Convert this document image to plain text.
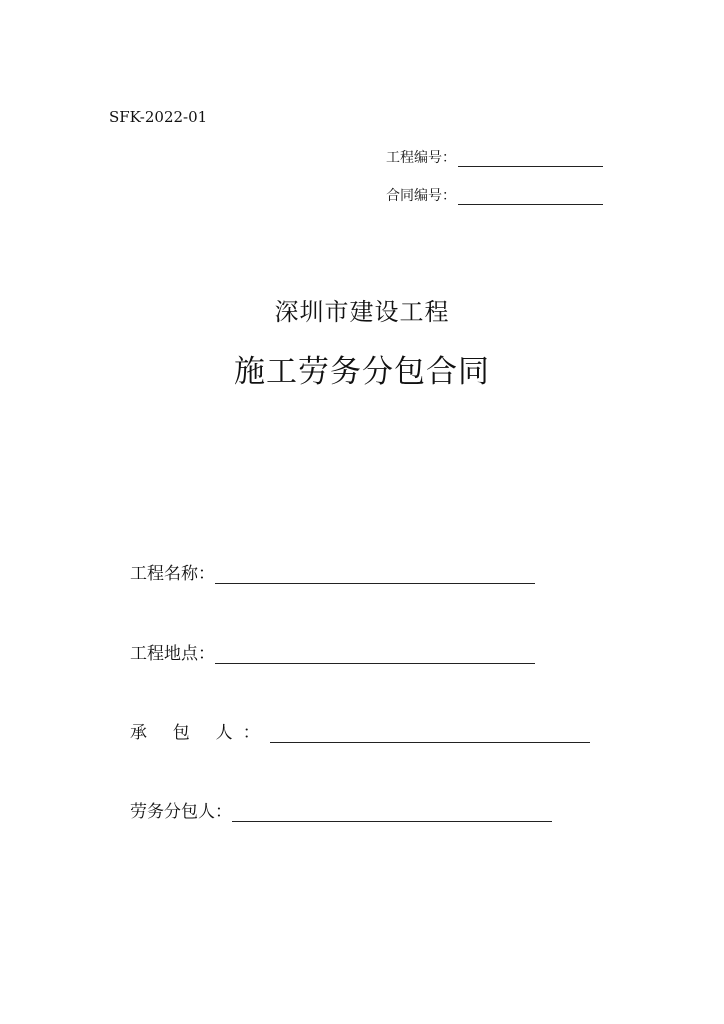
SFK-2022-01
工程编号：
合同编号：
深圳市建设工程
施工劳务分包合同
工程名称：
工程地点：
承 包 人：
劳务分包人：
